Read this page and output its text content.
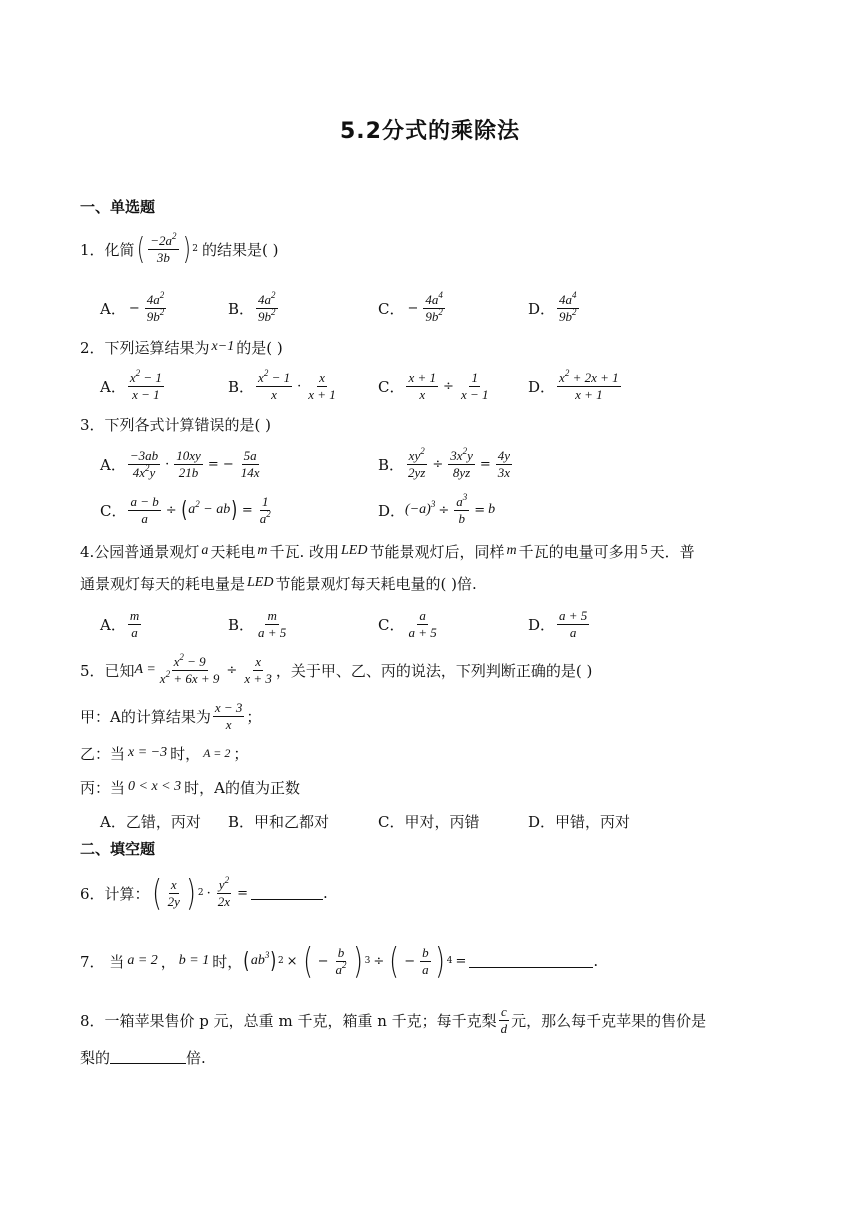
5.2分式的乘除法
一、单选题
1．化简 ( $\frac{-2a^2}{3b}$ ) 2 的结果是( )
A． − $\frac{4a^2}{9b^2}$	B． $\frac{4a^2}{9b^2}$	C． − $\frac{4a^4}{9b^2}$	D． $\frac{4a^4}{9b^2}$
2．下列运算结果为 x−1 的是( )
A． $\frac{x^2 - 1}{x - 1}$	B． $\frac{x^2 - 1}{x} \cdot \frac{x}{x + 1}$	C． $\frac{x + 1}{x} \div \frac{1}{x - 1}$	D． $\frac{x^2 + 2x + 1}{x + 1}$
3．下列各式计算错误的是( )
A． $\frac{-3ab}{4x^2y} \cdot \frac{10xy}{21b}$ = − $\frac{5a}{14x}$	B． $\frac{xy^2}{2yz} \div \frac{3x^2y}{8yz} = \frac{4y}{3x}$
C． $\frac{a - b}{a}$ ÷ ( $a^2$ − ab ) = $\frac{1}{a^2}$	D． $(-a)^3 \div \frac{a^3}{b} = b$
4.公园普通景观灯 a 天耗电 m 千瓦. 改用 LED 节能景观灯后，同样 m 千瓦的电量可多用 5 天．普
通景观灯每天的耗电量是 LED 节能景观灯每天耗电量的( )倍.
A． $\frac{m}{a}$	B． $\frac{m}{a + 5}$	C． $\frac{a}{a + 5}$	D． $\frac{a + 5}{a}$
5．已知 $A = \frac{x^2 - 9}{x^2 + 6x + 9} \div \frac{x}{x + 3}$ ，关于甲、乙、丙的说法，下列判断正确的是( )
甲：A的计算结果为 $\frac{x - 3}{x}$ ；
乙：当 x = −3 时， A = 2 ；
丙：当 0 < x < 3 时，A的值为正数
A．乙错，丙对	B．甲和乙都对	C．甲对，丙错	D．甲错，丙对
二、填空题
6．计算： ( $\frac{x}{2y}$ ) $2 \cdot \frac{y^2}{2x}$ =	.
7． 当 a = 2 ， b = 1 时， ( $ab^3$ ) 2 × ( − $\frac{b}{a^2}$ ) 3 ÷ ( − $\frac{b}{a}$ ) 4 =	.
8．一箱苹果售价 p 元，总重 m 千克，箱重 n 千克；每千克梨 $\frac{c}{d}$ 元，那么每千克苹果的售价是
梨的	倍.
